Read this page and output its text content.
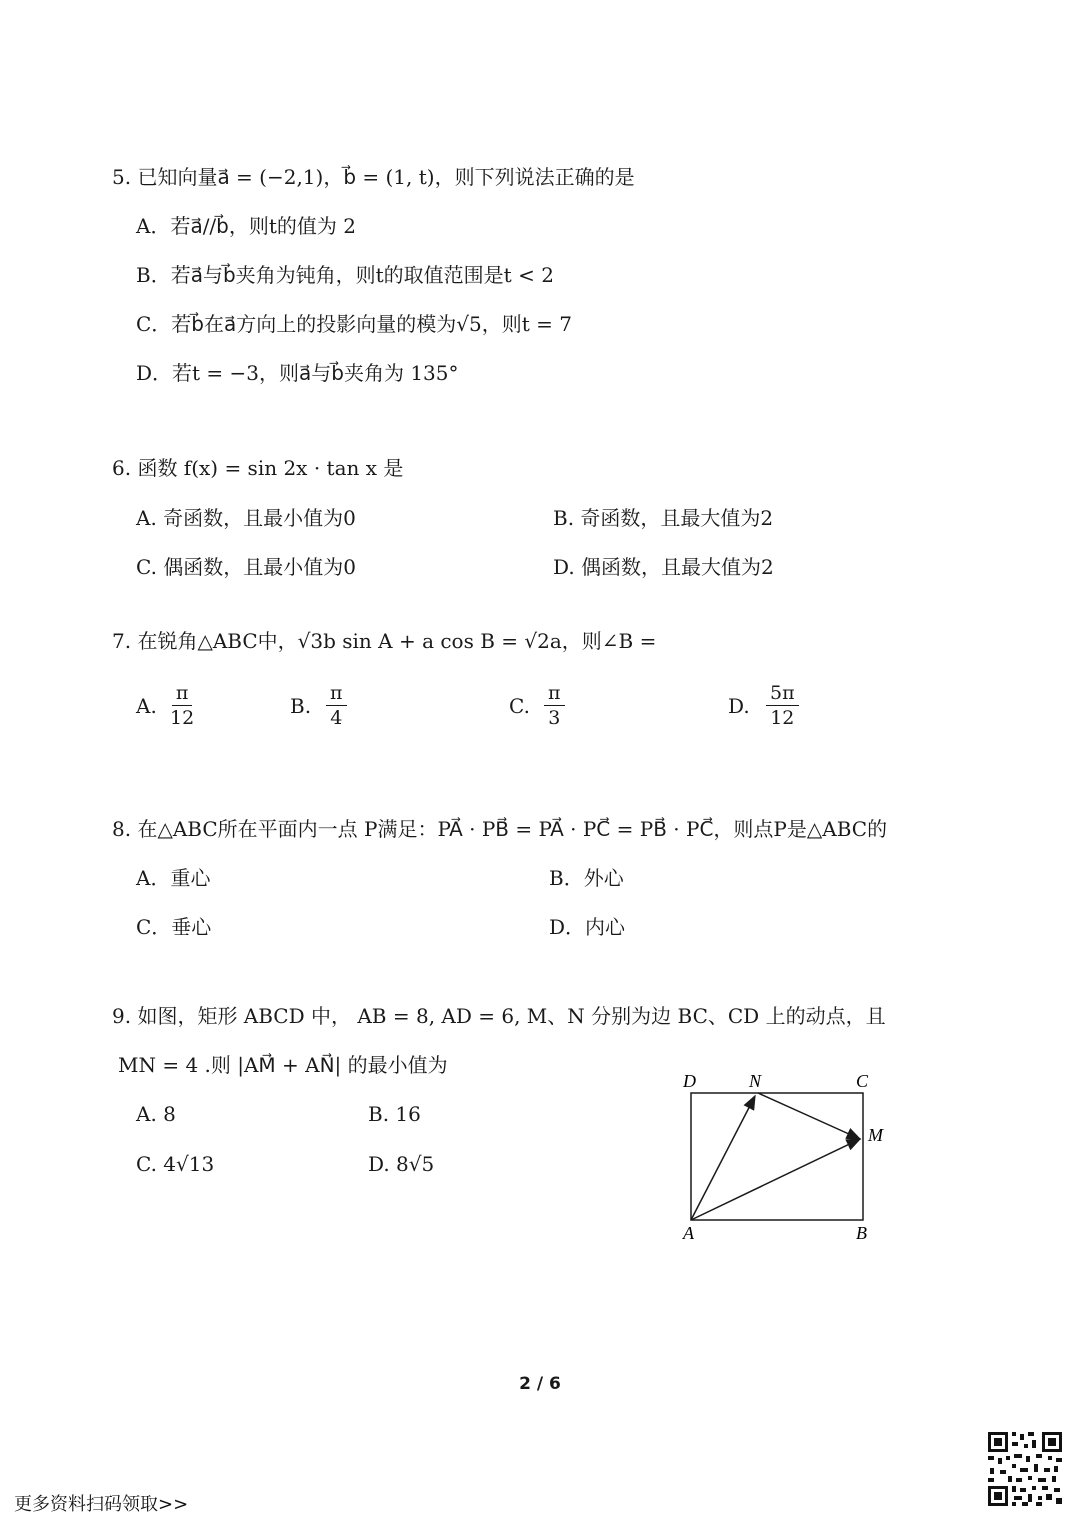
5. 已知向量a⃗ = (−2,1)，b⃗ = (1, t)，则下列说法正确的是
A．若a⃗//b⃗，则t的值为 2
B．若a⃗与b⃗夹角为钝角，则t的取值范围是t < 2
C．若b⃗在a⃗方向上的投影向量的模为√5，则t = 7
D．若t = −3，则a⃗与b⃗夹角为 135°
6. 函数 f(x) = sin 2x · tan x 是
A. 奇函数，且最小值为0	B. 奇函数，且最大值为2
C. 偶函数，且最小值为0	D. 偶函数，且最大值为2
7. 在锐角△ABC中，√3b sin A + a cos B = √2a，则∠B =
A. $\frac{\pi}{12}$	B. $\frac{\pi}{4}$	C. $\frac{\pi}{3}$	D. $\frac{5\pi}{12}$
8. 在△ABC所在平面内一点 P满足：PA⃗ · PB⃗ = PA⃗ · PC⃗ = PB⃗ · PC⃗，则点P是△ABC的
A．重心	B．外心
C．垂心	D．内心
9. 如图，矩形 ABCD 中， AB = 8, AD = 6, M、N 分别为边 BC、CD 上的动点，且
MN = 4 .则 |AM⃗ + AN⃗| 的最小值为
A. 8	B. 16
C. 4√13	D. 8√5
D	N	C
M
A	B
2 / 6
更多资料扫码领取>>
